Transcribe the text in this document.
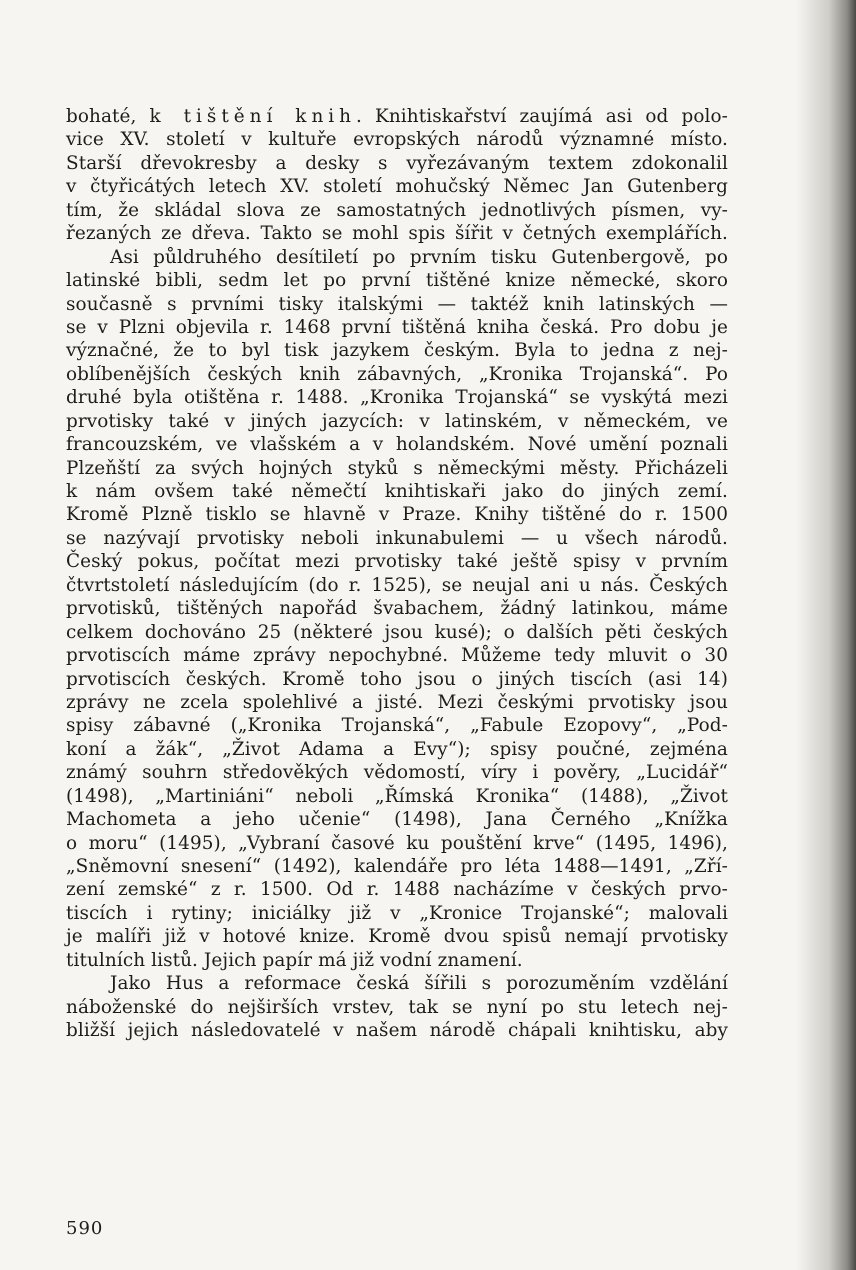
bohaté, k tištění knih. Knihtiskařství zaujímá asi od polo-
vice XV. století v kultuře evropských národů významné místo.
Starší dřevokresby a desky s vyřezávaným textem zdokonalil
v čtyřicátých letech XV. století mohučský Němec Jan Gutenberg
tím, že skládal slova ze samostatných jednotlivých písmen, vy-
řezaných ze dřeva. Takto se mohl spis šířit v četných exemplářích.
Asi půldruhého desítiletí po prvním tisku Gutenbergově, po
latinské bibli, sedm let po první tištěné knize německé, skoro
současně s prvními tisky italskými — taktéž knih latinských —
se v Plzni objevila r. 1468 první tištěná kniha česká. Pro dobu je
význačné, že to byl tisk jazykem českým. Byla to jedna z nej-
oblíbenějších českých knih zábavných, „Kronika Trojanská“. Po
druhé byla otištěna r. 1488. „Kronika Trojanská“ se vyskýtá mezi
prvotisky také v jiných jazycích: v latinském, v německém, ve
francouzském, ve vlašském a v holandském. Nové umění poznali
Plzeňští za svých hojných styků s německými městy. Přicházeli
k nám ovšem také němečtí knihtiskaři jako do jiných zemí.
Kromě Plzně tisklo se hlavně v Praze. Knihy tištěné do r. 1500
se nazývají prvotisky neboli inkunabulemi — u všech národů.
Český pokus, počítat mezi prvotisky také ještě spisy v prvním
čtvrtstoletí následujícím (do r. 1525), se neujal ani u nás. Českých
prvotisků, tištěných napořád švabachem, žádný latinkou, máme
celkem dochováno 25 (některé jsou kusé); o dalších pěti českých
prvotiscích máme zprávy nepochybné. Můžeme tedy mluvit o 30
prvotiscích českých. Kromě toho jsou o jiných tiscích (asi 14)
zprávy ne zcela spolehlivé a jisté. Mezi českými prvotisky jsou
spisy zábavné („Kronika Trojanská“, „Fabule Ezopovy“, „Pod-
koní a žák“, „Život Adama a Evy“); spisy poučné, zejména
známý souhrn středověkých vědomostí, víry i pověry, „Lucidář“
(1498), „Martiniáni“ neboli „Římská Kronika“ (1488), „Život
Machometa a jeho učenie“ (1498), Jana Černého „Knížka
o moru“ (1495), „Vybraní časové ku pouštění krve“ (1495, 1496),
„Sněmovní snesení“ (1492), kalendáře pro léta 1488—1491, „Zří-
zení zemské“ z r. 1500. Od r. 1488 nacházíme v českých prvo-
tiscích i rytiny; iniciálky již v „Kronice Trojanské“; malovali
je malíři již v hotové knize. Kromě dvou spisů nemají prvotisky
titulních listů. Jejich papír má již vodní znamení.
Jako Hus a reformace česká šířili s porozuměním vzdělání
náboženské do nejširších vrstev, tak se nyní po stu letech nej-
bližší jejich následovatelé v našem národě chápali knihtisku, aby
590
